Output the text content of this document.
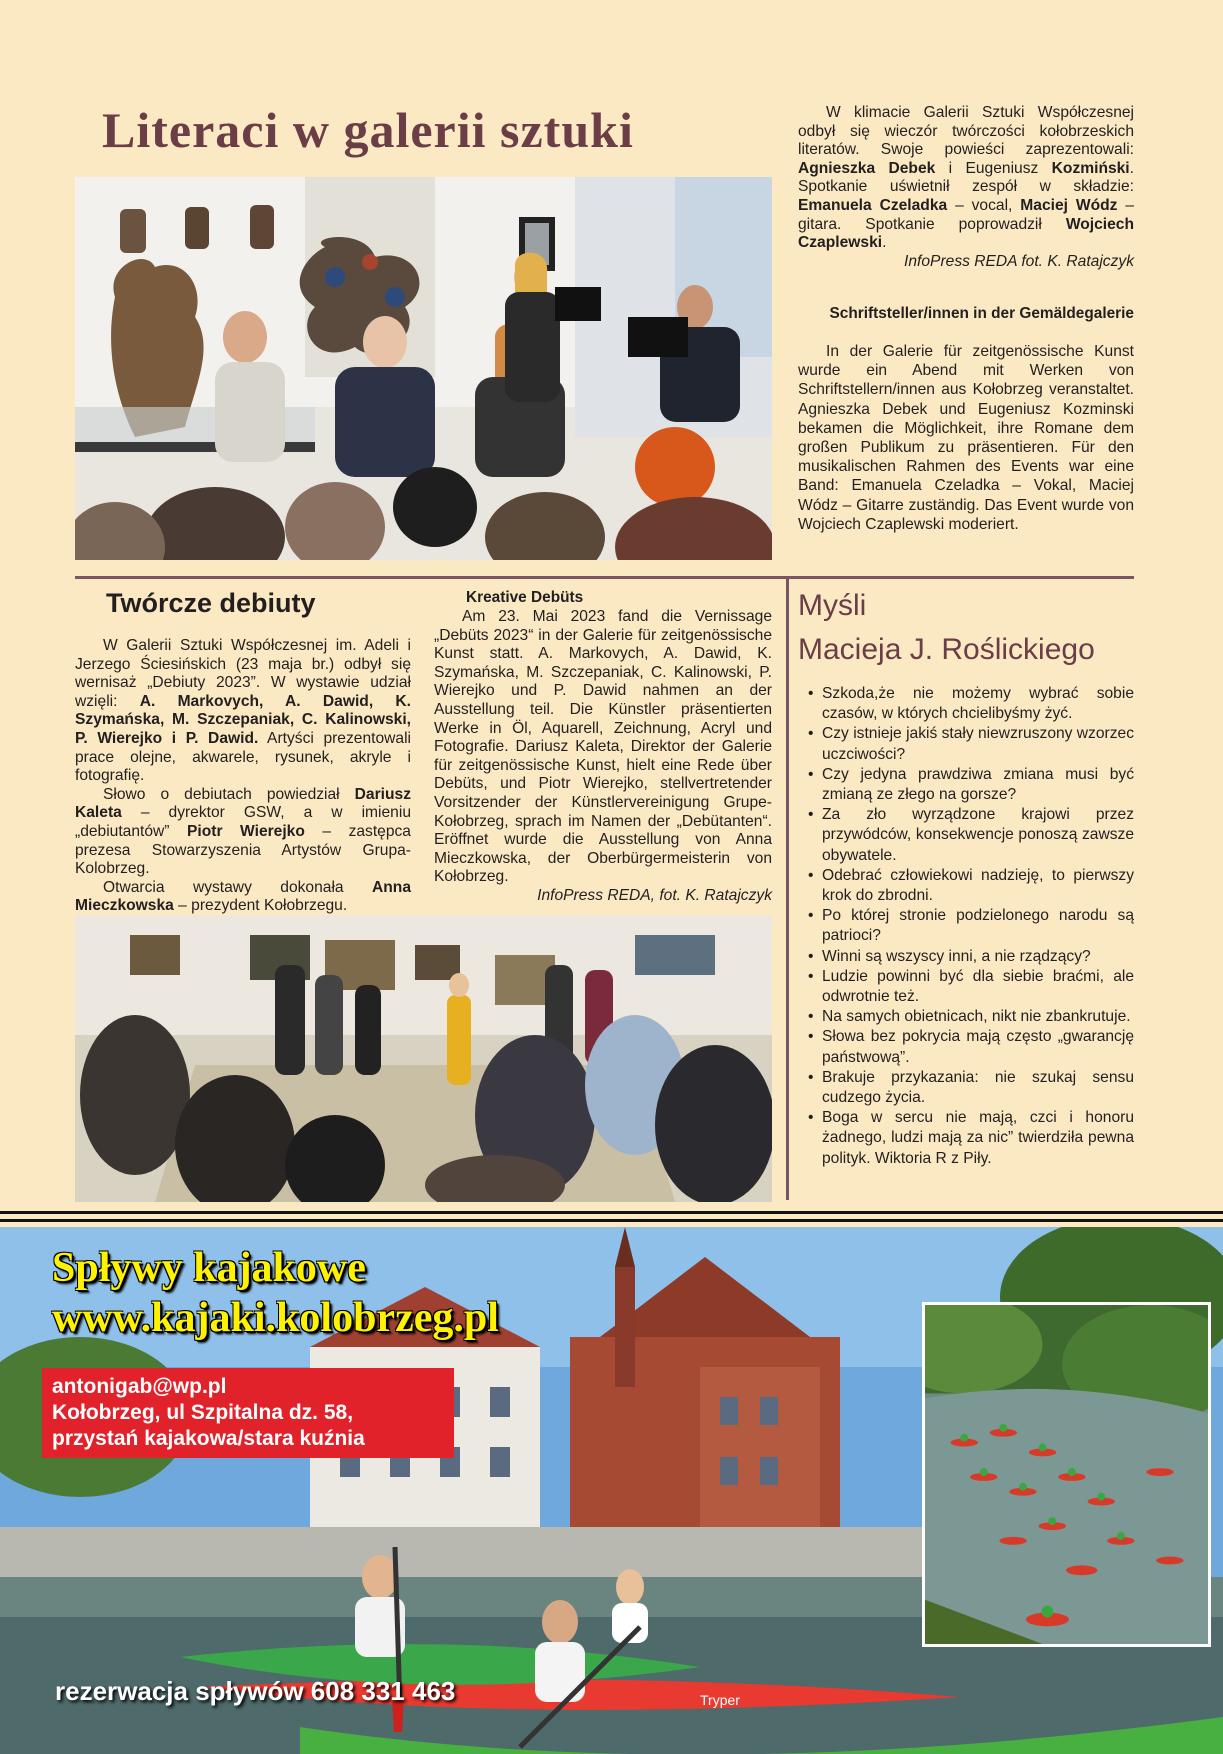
Literaci w galerii sztuki	W klimacie Galerii Sztuki Współczesnej odbył się wieczór twórczości kołobrzeskich literatów. Swoje powieści zaprezentowali: Agnieszka Debek i Eugeniusz Kozmiński. Spotkanie uświetnił zespół w składzie: Emanuela Czeladka – vocal, Maciej Wódz – gitara. Spotkanie poprowadził Wojciech Czaplewski.

InfoPress REDA fot. K. Ratajczyk

Schriftsteller/innen in der Gemäldegalerie

In der Galerie für zeitgenössische Kunst wurde ein Abend mit Werken von Schriftstellern/innen aus Kołobrzeg veranstaltet. Agnieszka Debek und Eugeniusz Kozminski bekamen die Möglichkeit, ihre Romane dem großen Publikum zu präsentieren. Für den musikalischen Rahmen des Events war eine Band: Emanuela Czeladka – Vokal, Maciej Wódz – Gitarre zuständig. Das Event wurde von Wojciech Czaplewski moderiert.

Twórcze debiuty

W Galerii Sztuki Współczesnej im. Adeli i Jerzego Ściesińskich (23 maja br.) odbył się wernisaż „Debiuty 2023”. W wystawie udział wzięli: A. Markovych, A. Dawid, K. Szymańska, M. Szczepaniak, C. Kalinowski, P. Wierejko i P. Dawid. Artyści prezentowali prace olejne, akwarele, rysunek, akryle i fotografię.

Słowo o debiutach powiedział Dariusz Kaleta – dyrektor GSW, a w imieniu „debiutantów” Piotr Wierejko – zastępca prezesa Stowarzyszenia Artystów Grupa-Kolobrzeg.

Otwarcia wystawy dokonała Anna Mieczkowska – prezydent Kołobrzegu.

Kreative Debüts

Am 23. Mai 2023 fand die Vernissage „Debüts 2023“ in der Galerie für zeitgenössische Kunst statt. A. Markovych, A. Dawid, K. Szymańska, M. Szczepaniak, C. Kalinowski, P. Wierejko und P. Dawid nahmen an der Ausstellung teil. Die Künstler präsentierten Werke in Öl, Aquarell, Zeichnung, Acryl und Fotografie. Dariusz Kaleta, Direktor der Galerie für zeitgenössische Kunst, hielt eine Rede über Debüts, und Piotr Wierejko, stellvertretender Vorsitzender der Künstlervereinigung Grupe-Kołobrzeg, sprach im Namen der „Debütanten“. Eröffnet wurde die Ausstellung von Anna Mieczkowska, der Oberbürgermeisterin von Kołobrzeg.

InfoPress REDA, fot. K. Ratajczyk

Myśli
Macieja J. Roślickiego
• Szkoda,że nie możemy wybrać sobie czasów, w których chcielibyśmy żyć.
• Czy istnieje jakiś stały niewzruszony wzorzec uczciwości?
• Czy jedyna prawdziwa zmiana musi być zmianą ze złego na gorsze?
• Za zło wyrządzone krajowi przez przywódców, konsekwencje ponoszą zawsze obywatele.
• Odebrać człowiekowi nadzieję, to pierwszy krok do zbrodni.
• Po której stronie podzielonego narodu są patrioci?
• Winni są wszyscy inni, a nie rządzący?
• Ludzie powinni być dla siebie braćmi, ale odwrotnie też.
• Na samych obietnicach, nikt nie zbankrutuje.
• Słowa bez pokrycia mają często „gwarancję państwową”.
• Brakuje przykazania: nie szukaj sensu cudzego życia.
• Boga w sercu nie mają, czci i honoru żadnego, ludzi mają za nic” twierdziła pewna polityk. Wiktoria R z Piły.
Tryper
Spływy kajakowe
www.kajaki.kolobrzeg.pl
antonigab@wp.pl
Kołobrzeg, ul Szpitalna dz. 58,
przystań kajakowa/stara kuźnia
rezerwacja spływów 608 331 463
